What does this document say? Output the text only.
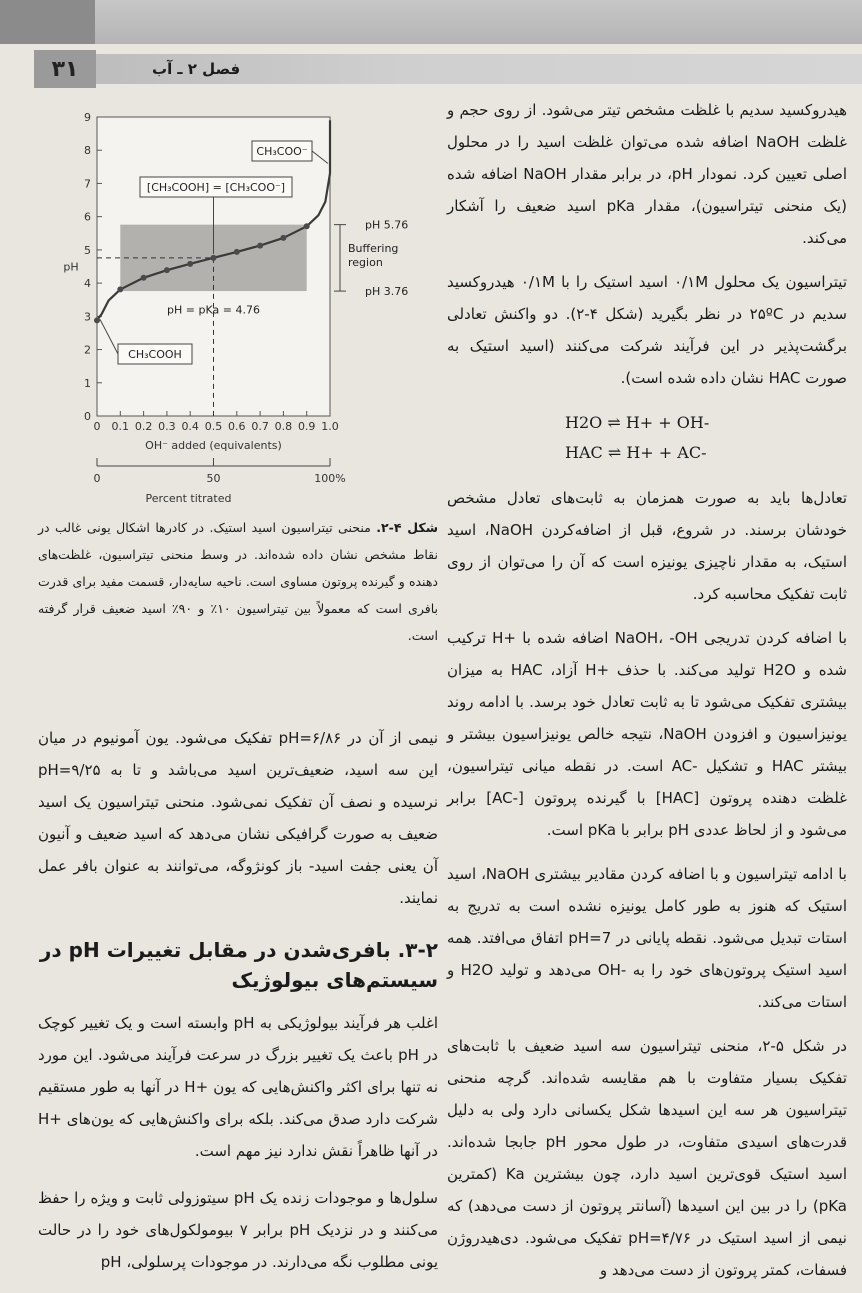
۳۱	فصل ۲ ـ آب

هیدروکسید سدیم با غلظت مشخص تیتر می‌شود. از روی حجم و غلظت NaOH اضافه شده می‌توان غلظت اسید را در محلول اصلی تعیین کرد. نمودار pH، در برابر مقدار NaOH اضافه شده (یک منحنی تیتراسیون)، مقدار pKa اسید ضعیف را آشکار می‌کند.

تیتراسیون یک محلول ۰/۱M اسید استیک را با ۰/۱M هیدروکسید سدیم در ۲۵ºC در نظر بگیرید (شکل ۴-۲). دو واکنش تعادلی برگشت‌پذیر در این فرآیند شرکت می‌کنند (اسید استیک به صورت HAC نشان داده شده است).

H2O ⇌ H+ + OH-
HAC ⇌ H+ + AC-

تعادل‌ها باید به صورت همزمان به ثابت‌های تعادل مشخص خودشان برسند. در شروع، قبل از اضافه‌کردن NaOH، اسید استیک، به مقدار ناچیزی یونیزه است که آن را می‌توان از روی ثابت تفکیک محاسبه کرد.

با اضافه کردن تدریجی NaOH، -OH اضافه شده با +H ترکیب شده و H2O تولید می‌کند. با حذف +H آزاد، HAC به میزان بیشتری تفکیک می‌شود تا به ثابت تعادل خود برسد. با ادامه روند یونیزاسیون و افزودن NaOH، نتیجه خالص یونیزاسیون بیشتر و بیشتر HAC و تشکیل -AC است. در نقطه میانی تیتراسیون، غلظت دهنده پروتون [HAC] با گیرنده پروتون [-AC] برابر می‌شود و از لحاظ عددی pH برابر با pKa است.

با ادامه تیتراسیون و با اضافه کردن مقادیر بیشتری NaOH، اسید استیک که هنوز به طور کامل یونیزه نشده است به تدریج به استات تبدیل می‌شود. نقطه پایانی در pH=7 اتفاق می‌افتد. همه اسید استیک پروتون‌های خود را به -OH می‌دهد و تولید H2O و استات می‌کند.

در شکل ۵-۲، منحنی تیتراسیون سه اسید ضعیف با ثابت‌های تفکیک بسیار متفاوت با هم مقایسه شده‌اند. گرچه منحنی تیتراسیون هر سه این اسیدها شکل یکسانی دارد ولی به دلیل قدرت‌های اسیدی متفاوت، در طول محور pH جابجا شده‌اند. اسید استیک قوی‌ترین اسید دارد، چون بیشترین Ka (کمترین pKa) را در بین این اسیدها (آسانتر پروتون از دست می‌دهد) که نیمی از اسید استیک در pH=۴/۷۶ تفکیک می‌شود. دی‌هیدروژن فسفات، کمتر پروتون از دست می‌دهد و

0
1
2
3
4
5
6
7
8
9
0 0.1 0.2 0.3 0.4 0.5 0.6 0.7 0.8 0.9 1.0
pH
OH⁻ added (equivalents)
CH₃COOH
[CH₃COOH] = [CH₃COO⁻]
CH₃COO⁻
pH = pKa = 4.76
pH 5.76
pH 3.76
Buffering
region
0	50	100%
Percent titrated
شکل ۴-۲. منحنی تیتراسیون اسید استیک. در کادرها اشکال یونی غالب در نقاط مشخص نشان داده شده‌اند. در وسط منحنی تیتراسیون، غلظت‌های دهنده و گیرنده پروتون مساوی است. ناحیه سایه‌دار، قسمت مفید برای قدرت بافری است که معمولاً بین تیتراسیون ۱۰٪ و ۹۰٪ اسید ضعیف قرار گرفته است.

نیمی از آن در pH=۶/۸۶ تفکیک می‌شود. یون آمونیوم در میان این سه اسید، ضعیف‌ترین اسید می‌باشد و تا به pH=۹/۲۵ نرسیده و نصف آن تفکیک نمی‌شود. منحنی تیتراسیون یک اسید ضعیف به صورت گرافیکی نشان می‌دهد که اسید ضعیف و آنیون آن یعنی جفت اسید- باز کونژوگه، می‌توانند به عنوان بافر عمل نمایند.

۳-۲. بافری‌شدن در مقابل تغییرات pH در سیستم‌های بیولوژیک

اغلب هر فرآیند بیولوژیکی به pH وابسته است و یک تغییر کوچک در pH باعث یک تغییر بزرگ در سرعت فرآیند می‌شود. این مورد نه تنها برای اکثر واکنش‌هایی که یون +H در آنها به طور مستقیم شرکت دارد صدق می‌کند. بلکه برای واکنش‌هایی که یون‌های +H در آنها ظاهراً نقش ندارد نیز مهم است.

سلول‌ها و موجودات زنده یک pH سیتوزولی ثابت و ویژه را حفظ می‌کنند و در نزدیک pH برابر ۷ بیومولکول‌های خود را در حالت یونی مطلوب نگه می‌دارند. در موجودات پرسلولی، pH
